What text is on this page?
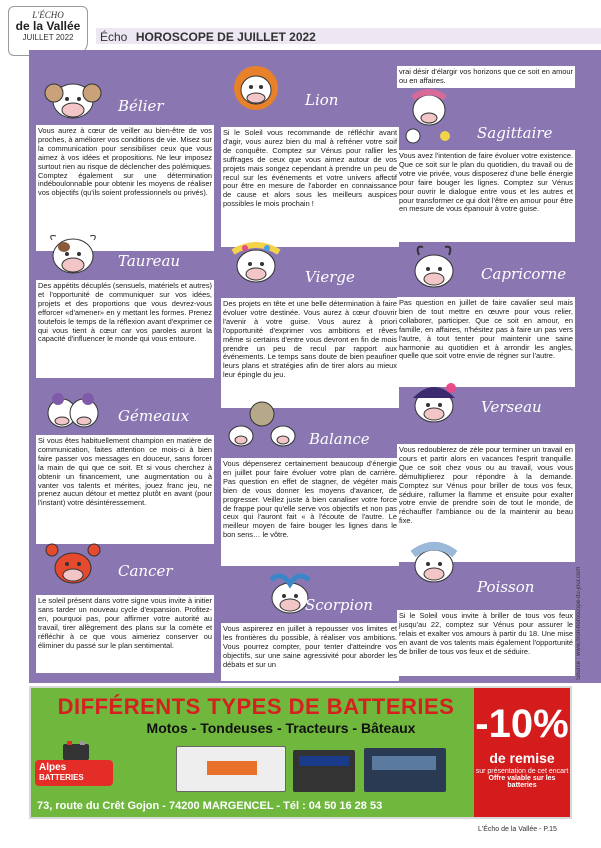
L'ÉCHO
de la Vallée
JUILLET 2022	Écho HOROSCOPE DE JUILLET 2022
Bélier
Vous aurez à cœur de veiller au bien-être de vos proches, à améliorer vos conditions de vie. Misez sur la communication pour sensibiliser ceux que vous aimez à vos idées et propositions. Ne leur imposez surtout rien au risque de déclencher des polémiques. Comptez également sur une détermination indéboulonnable pour obtenir les moyens de réaliser vos objectifs (qu'ils soient professionnels ou privés).
Taureau
Des appétits décuplés (sensuels, matériels et autres) et l'opportunité de communiquer sur vos idées, projets et des proportions que vous devrez-vous efforcer «d'amener» en y mettant les formes. Prenez toutefois le temps de la réflexion avant d'exprimer ce qui vous tient à cœur car vos paroles auront la capacité d'influencer le monde qui vous entoure.
Gémeaux
Si vous êtes habituellement champion en matière de communication, faites attention ce mois-ci à bien faire passer vos messages en douceur, sans forcer la main de qui que ce soit. Et si vous cherchez à obtenir un financement, une augmentation ou à vanter vos talents et mérites, jouez franc jeu, ne prenez aucun détour et mettez plutôt en avant (pour l'instant) votre désintéressement.
Cancer
Le soleil présent dans votre signe vous invite à initier sans tarder un nouveau cycle d'expansion. Profitez-en, pourquoi pas, pour affirmer votre autorité au travail, tirer allègrement des plans sur la comète et réfléchir à ce que vous aimeriez conserver ou éliminer du passé sur le plan sentimental.
Lion
Si le Soleil vous recommande de réfléchir avant d'agir, vous aurez bien du mal à refréner votre soif de conquête. Comptez sur Vénus pour rallier les suffrages de ceux que vous aimez autour de vos projets mais songez cependant à prendre un peu de recul sur les événements et votre univers affectif pour être en mesure de l'aborder en connaissance de cause et alors sous les meilleurs auspices possibles le mois prochain !
Vierge
Des projets en tête et une belle détermination à faire évoluer votre destinée. Vous aurez à cœur d'ouvrir l'avenir à votre guise. Vous aurez à priori l'opportunité d'exprimer vos ambitions et rêves même si certains d'entre vous devront en fin de mois prendre un peu de recul par rapport aux événements. Le temps sans doute de bien peaufiner leurs plans et stratégies afin de tirer alors au mieux leur épingle du jeu.
Balance
Vous dépenserez certainement beaucoup d'énergie en juillet pour faire évoluer votre plan de carrière. Pas question en effet de stagner, de végéter mais bien de vous donner les moyens d'avancer, de progresser. Veillez juste à bien canaliser votre force de frappe pour qu'elle serve vos objectifs et non pas ceux qui l'auront fait « à l'écoute de l'autre. Le meilleur moyen de faire bouger les lignes dans le bon sens… le vôtre.
Scorpion
Vous aspirerez en juillet à repousser vos limites et les frontières du possible, à réaliser vos ambitions. Vous pourrez compter, pour tenter d'atteindre vos objectifs, sur une saine agressivité pour aborder les débats et sur un
vrai désir d'élargir vos horizons que ce soit en amour ou en affaires.
Sagittaire
Vous avez l'intention de faire évoluer votre existence. Que ce soit sur le plan du quotidien, du travail ou de votre vie privée, vous disposerez d'une belle énergie pour faire bouger les lignes. Comptez sur Vénus pour ouvrir le dialogue entre vous et les autres et pour transformer ce qui doit l'être en amour pour être en mesure de vous épanouir à votre guise.
Capricorne
Pas question en juillet de faire cavalier seul mais bien de tout mettre en œuvre pour vous relier, collaborer, participer. Que ce soit en amour, en famille, en affaires, n'hésitez pas à faire un pas vers l'autre, à tout tenter pour maintenir une saine harmonie au quotidien et à arrondir les angles, quelle que soit votre envie de régner sur l'autre.
Verseau
Vous redoublerez de zèle pour terminer un travail en cours et partir alors en vacances l'esprit tranquille. Que ce soit chez vous ou au travail, vous vous démultiplierez pour répondre à la demande. Comptez sur Vénus pour briller de tous vos feux, séduire, rallumer la flamme et ensuite pour exalter votre envie de prendre soin de tout le monde, de réchauffer l'ambiance ou de la maintenir au beau fixe.
Poisson
Si le Soleil vous invite à briller de tous vos feux jusqu'au 22, comptez sur Vénus pour assurer le relais et exalter vos amours à partir du 18. Une mise en avant de vos talents mais également l'opportunité de briller de tous vos feux et de séduire.	Source : www.mon-horoscope-du-jour.com
DIFFÉRENTS TYPES DE BATTERIES
Motos - Tondeuses - Tracteurs - Bâteaux
Alpes
BATTERIES
73, route du Crêt Gojon - 74200 MARGENCEL - Tél : 04 50 16 28 53
-10%
de remise
sur présentation de cet encart
Offre valable sur les batteries
L'Écho de la Vallée - P.15
